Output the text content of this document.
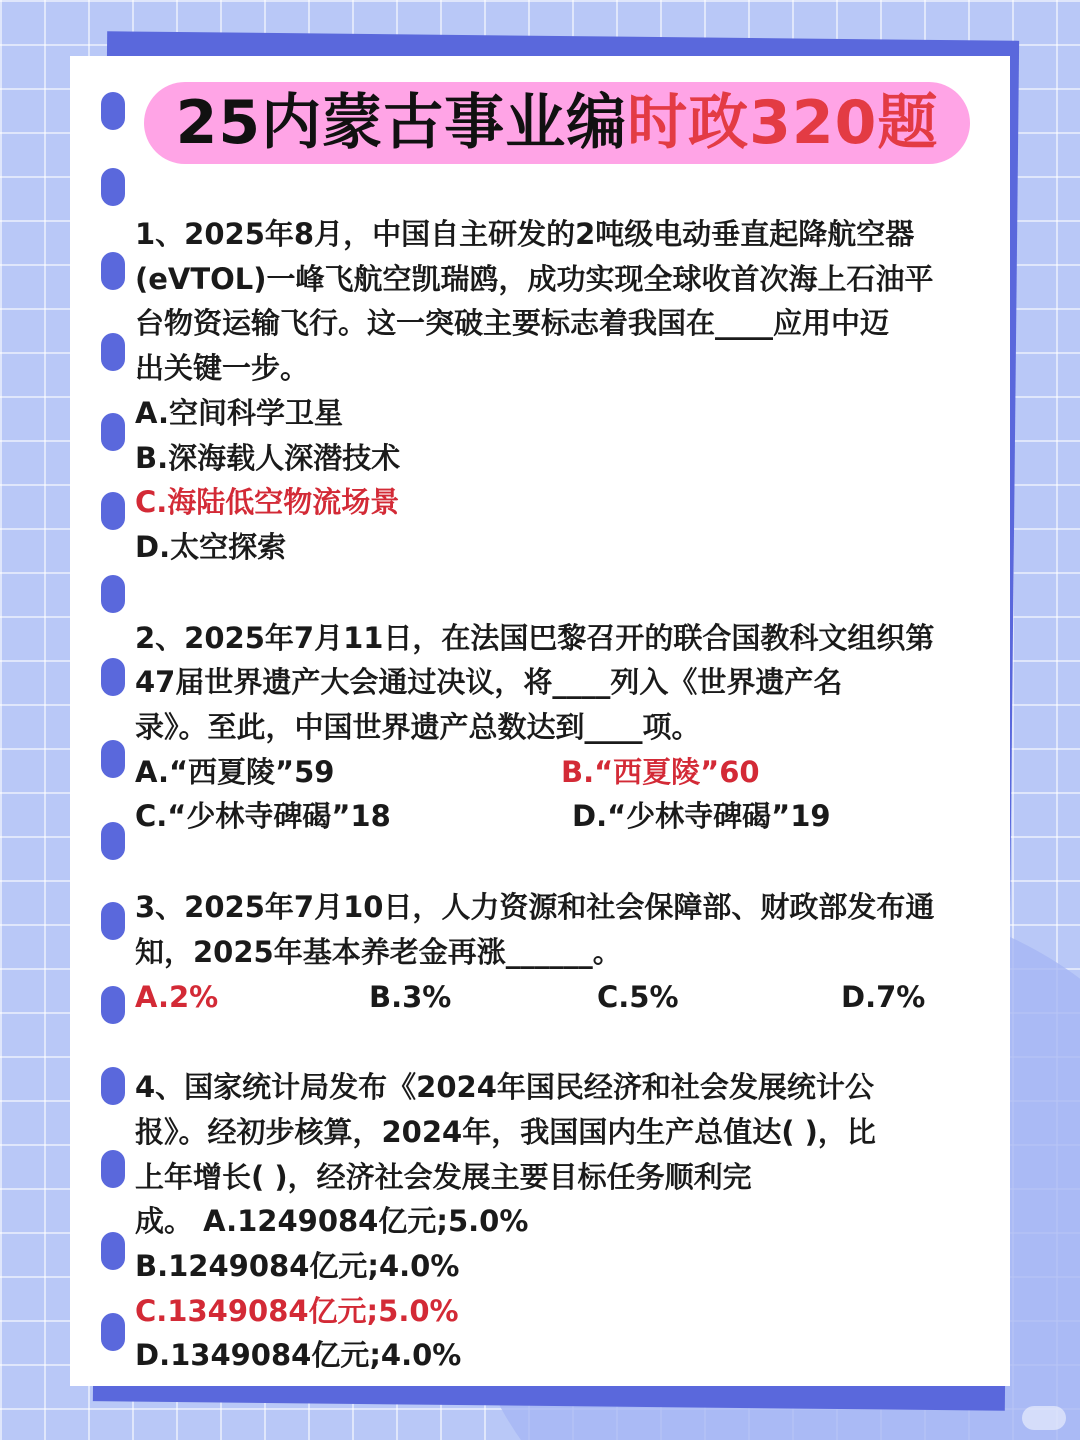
25内蒙古事业编时政320题

1、2025年8月，中国自主研发的2吨级电动垂直起降航空器

(eVTOL)一峰飞航空凯瑞鸥，成功实现全球收首次海上石油平

台物资运输飞行。这一突破主要标志着我国在____应用中迈

出关键一步。

A.空间科学卫星

B.深海载人深潜技术

C.海陆低空物流场景

D.太空探索

2、2025年7月11日，在法国巴黎召开的联合国教科文组织第

47届世界遗产大会通过决议，将____列入《世界遗产名

录》。至此，中国世界遗产总数达到____项。

A.“西夏陵”59	B.“西夏陵”60
C.“少林寺碑碣”18	D.“少林寺碑碣”19

3、2025年7月10日，人力资源和社会保障部、财政部发布通

知，2025年基本养老金再涨______。

A.2%	B.3%	C.5%	D.7%

4、国家统计局发布《2024年国民经济和社会发展统计公

报》。经初步核算，2024年，我国国内生产总值达( )，比

上年增长( )，经济社会发展主要目标任务顺利完

成。 A.1249084亿元;5.0%

B.1249084亿元;4.0%

C.1349084亿元;5.0%

D.1349084亿元;4.0%
